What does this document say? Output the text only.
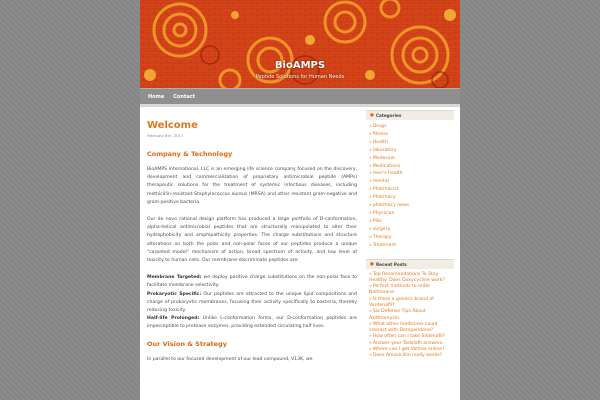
BioAMPS
Peptide Solutions for Human Needs
Home Contact
Welcome
February 8th, 2017
Company & Technology
BioAMPS International, LLC is an emerging life science company focused on the discovery, development and commercialization of proprietary antimicrobial peptide (AMPs) therapeutic solutions for the treatment of systemic infectious diseases, including methicillin-resistant Staphylococcus aureus (MRSA) and other resistant gram-negative and gram-positive bacteria.
Our de novo rational design platform has produced a large portfolio of D-conformation, alpha-helical antimicrobial peptides that are structurally manipulated to alter their hydrophobicity and amphipathicity properties. The charge substitutions and structure alterations on both the polar and non-polar faces of our peptides produce a unique "carpeted model" mechanism of action, broad spectrum of activity, and low level of toxicity to human cells. Our membrane-discriminate peptides are:
Membrane Targeted: we deploy positive charge substitutions on the non-polar face to facilitate membrane selectivity.
Prokaryotic Specific: Our peptides are attracted to the unique lipid compositions and charge of prokaryotic membranes, focusing their activity specifically to bacteria, thereby reducing toxicity.
Half-life Prolonged: Unlike L-conformation forms, our D-conformation peptides are imperceptible to protease enzymes, providing extended circulating half lives.
Our Vision & Strategy
In parallel to our focused development of our lead compound, V13K, we
● Categories
»Drugs
»fitness
»Health
»laboratory
»Medecine
»Medications
»men's health
»mental
»Pharmacist
»Pharmacy
»pharmacy news
»Physician
»Pills
»surgery
»Therapy
»Treatment
● Recent Posts
»Top Recomendations To Stay Healthy. Does Doxycycline work?
»Perfect methods to order Naltrexone.
»Is there a generic brand of Vardenafil?
»Six Defense Tips About Azithromycin.
»What other medicines could interact with Domperidone?
»How often can I take Sildenafil?
»Answer your Tadalafil answers.
»Where can I get Valtrex online?
»Does Amoxicillin really works?
